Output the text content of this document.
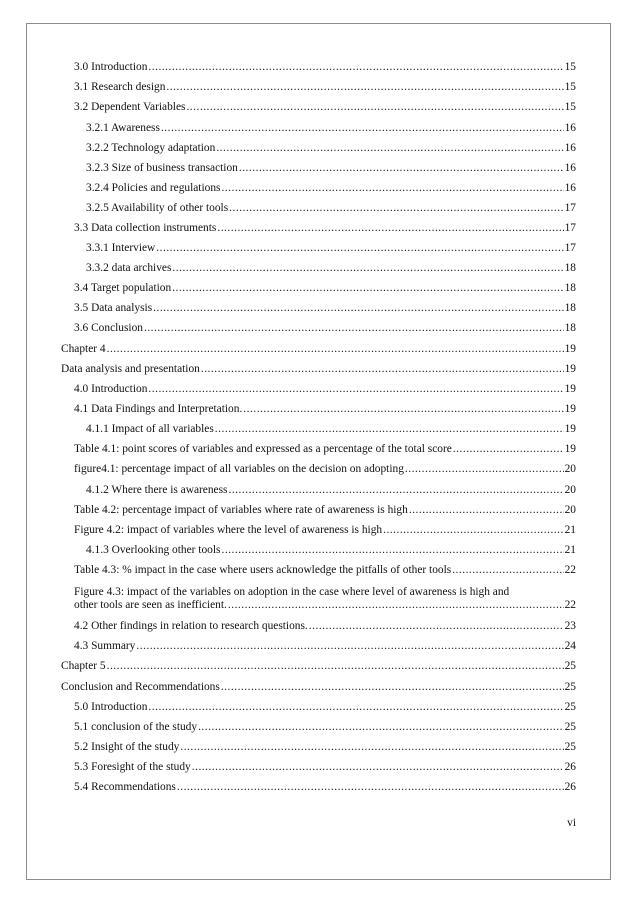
3.0 Introduction .....	15
3.1 Research design .....	15
3.2 Dependent Variables .....	15
3.2.1 Awareness .....	16
3.2.2 Technology adaptation .....	16
3.2.3 Size of business transaction .....	16
3.2.4 Policies and regulations .....	16
3.2.5 Availability of other tools .....	17
3.3 Data collection instruments .....	17
3.3.1 Interview .....	17
3.3.2 data archives .....	18
3.4 Target population .....	18
3.5 Data analysis .....	18
3.6 Conclusion .....	18
Chapter 4 .....	19
Data analysis and presentation .....	19
4.0 Introduction .....	19
4.1 Data Findings and Interpretation. .....	19
4.1.1 Impact of all variables .....	19
Table 4.1: point scores of variables and expressed as a percentage of the total score .....	19
figure4.1: percentage impact of all variables on the decision on adopting .....	20
4.1.2 Where there is awareness .....	20
Table 4.2: percentage impact of variables where rate of awareness is high .....	20
Figure 4.2: impact of variables where the level of awareness is high .....	21
4.1.3 Overlooking other tools .....	21
Table 4.3: % impact in the case where users acknowledge the pitfalls of other tools .....	22
Figure 4.3: impact of the variables on adoption in the case where level of awareness is high and
other tools are seen as inefficient. .....	22
4.2 Other findings in relation to research questions. .....	23
4.3 Summary .....	24
Chapter 5 .....	25
Conclusion and Recommendations .....	25
5.0 Introduction .....	25
5.1 conclusion of the study .....	25
5.2 Insight of the study .....	25
5.3 Foresight of the study .....	26
5.4 Recommendations .....	26
vi
